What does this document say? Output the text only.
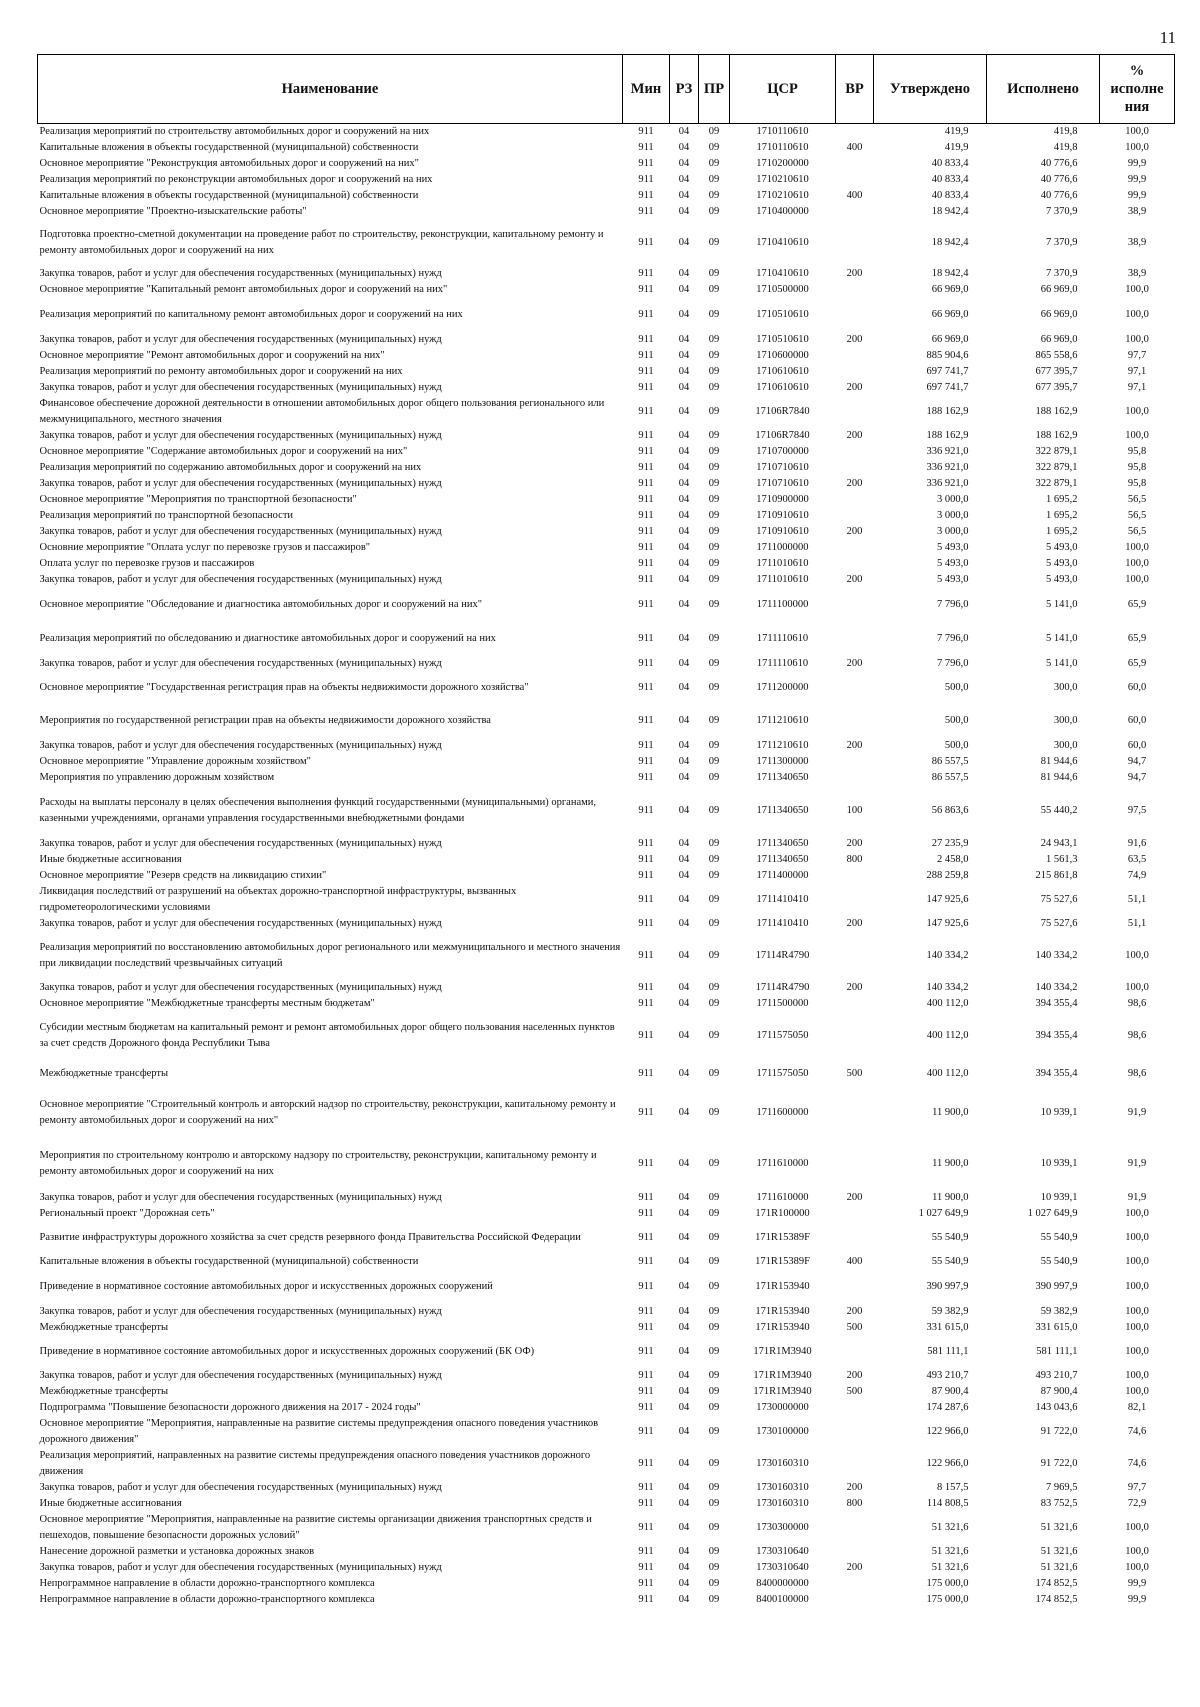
11
Наименование	Мин	РЗ	ПР	ЦСР	ВР	Утверждено	Исполнено	% исполне ния
Реализация мероприятий по строительству автомобильных дорог и сооружений на них	911	04	09	1710110610		419,9	419,8	100,0
Капитальные вложения в объекты государственной (муниципальной) собственности	911	04	09	1710110610	400	419,9	419,8	100,0
Основное мероприятие "Реконструкция автомобильных дорог и сооружений на них"	911	04	09	1710200000		40 833,4	40 776,6	99,9
Реализация мероприятий по реконструкции автомобильных дорог и сооружений на них	911	04	09	1710210610		40 833,4	40 776,6	99,9
Капитальные вложения в объекты государственной (муниципальной) собственности	911	04	09	1710210610	400	40 833,4	40 776,6	99,9
Основное мероприятие "Проектно-изыскательские работы"	911	04	09	1710400000		18 942,4	7 370,9	38,9
Подготовка проектно-сметной документации на проведение работ по строительству, реконструкции, капитальному ремонту и ремонту автомобильных дорог и сооружений на них	911	04	09	1710410610		18 942,4	7 370,9	38,9
Закупка товаров, работ и услуг для обеспечения государственных (муниципальных) нужд	911	04	09	1710410610	200	18 942,4	7 370,9	38,9
Основное мероприятие "Капитальный ремонт автомобильных дорог и сооружений на них"	911	04	09	1710500000		66 969,0	66 969,0	100,0
Реализация мероприятий по капитальному ремонт автомобильных дорог и сооружений на них	911	04	09	1710510610		66 969,0	66 969,0	100,0
Закупка товаров, работ и услуг для обеспечения государственных (муниципальных) нужд	911	04	09	1710510610	200	66 969,0	66 969,0	100,0
Основное мероприятие "Ремонт автомобильных дорог и сооружений на них"	911	04	09	1710600000		885 904,6	865 558,6	97,7
Реализация мероприятий по ремонту автомобильных дорог и сооружений на них	911	04	09	1710610610		697 741,7	677 395,7	97,1
Закупка товаров, работ и услуг для обеспечения государственных (муниципальных) нужд	911	04	09	1710610610	200	697 741,7	677 395,7	97,1
Финансовое обеспечение дорожной деятельности в отношении автомобильных дорог общего пользования регионального или межмуниципального, местного значения	911	04	09	17106R7840		188 162,9	188 162,9	100,0
Закупка товаров, работ и услуг для обеспечения государственных (муниципальных) нужд	911	04	09	17106R7840	200	188 162,9	188 162,9	100,0
Основное мероприятие "Содержание автомобильных дорог и сооружений на них"	911	04	09	1710700000		336 921,0	322 879,1	95,8
Реализация мероприятий по содержанию автомобильных дорог и сооружений на них	911	04	09	1710710610		336 921,0	322 879,1	95,8
Закупка товаров, работ и услуг для обеспечения государственных (муниципальных) нужд	911	04	09	1710710610	200	336 921,0	322 879,1	95,8
Основное мероприятие "Мероприятия по транспортной безопасности"	911	04	09	1710900000		3 000,0	1 695,2	56,5
Реализация мероприятий по транспортной безопасности	911	04	09	1710910610		3 000,0	1 695,2	56,5
Закупка товаров, работ и услуг для обеспечения государственных (муниципальных) нужд	911	04	09	1710910610	200	3 000,0	1 695,2	56,5
Основние мероприятие "Оплата услуг по перевозке грузов и пассажиров"	911	04	09	1711000000		5 493,0	5 493,0	100,0
Оплата услуг по перевозке грузов и пассажиров	911	04	09	1711010610		5 493,0	5 493,0	100,0
Закупка товаров, работ и услуг для обеспечения государственных (муниципальных) нужд	911	04	09	1711010610	200	5 493,0	5 493,0	100,0
Основное мероприятие "Обследование и диагностика автомобильных дорог и сооружений на них"	911	04	09	1711100000		7 796,0	5 141,0	65,9
Реализация мероприятий по обследованию и диагностике автомобильных дорог и сооружений на них	911	04	09	1711110610		7 796,0	5 141,0	65,9
Закупка товаров, работ и услуг для обеспечения государственных (муниципальных) нужд	911	04	09	1711110610	200	7 796,0	5 141,0	65,9
Основное мероприятие "Государственная регистрация прав на объекты недвижимости дорожного хозяйства"	911	04	09	1711200000		500,0	300,0	60,0
Мероприятия по государственной регистрации прав на объекты недвижимости дорожного хозяйства	911	04	09	1711210610		500,0	300,0	60,0
Закупка товаров, работ и услуг для обеспечения государственных (муниципальных) нужд	911	04	09	1711210610	200	500,0	300,0	60,0
Основное мероприятие "Управление дорожным хозяйством"	911	04	09	1711300000		86 557,5	81 944,6	94,7
Мероприятия по управлению дорожным хозяйством	911	04	09	1711340650		86 557,5	81 944,6	94,7
Расходы на выплаты персоналу в целях обеспечения выполнения функций государственными (муниципальными) органами, казенными учреждениями, органами управления государственными внебюджетными фондами	911	04	09	1711340650	100	56 863,6	55 440,2	97,5
Закупка товаров, работ и услуг для обеспечения государственных (муниципальных) нужд	911	04	09	1711340650	200	27 235,9	24 943,1	91,6
Иные бюджетные ассигнования	911	04	09	1711340650	800	2 458,0	1 561,3	63,5
Основное мероприятие "Резерв средств на ликвидацию стихии"	911	04	09	1711400000		288 259,8	215 861,8	74,9
Ликвидация последствий от разрушений на объектах дорожно-транспортной инфраструктуры, вызванных гидрометеорологическими условиями	911	04	09	1711410410		147 925,6	75 527,6	51,1
Закупка товаров, работ и услуг для обеспечения государственных (муниципальных) нужд	911	04	09	1711410410	200	147 925,6	75 527,6	51,1
Реализация мероприятий по восстановлению автомобильных дорог регионального или межмуниципального и местного значения при ликвидации последствий чрезвычайных ситуаций	911	04	09	17114R4790		140 334,2	140 334,2	100,0
Закупка товаров, работ и услуг для обеспечения государственных (муниципальных) нужд	911	04	09	17114R4790	200	140 334,2	140 334,2	100,0
Основное мероприятие "Межбюджетные трансферты местным бюджетам"	911	04	09	1711500000		400 112,0	394 355,4	98,6
Субсидии местным бюджетам на капитальный ремонт и ремонт автомобильных дорог общего пользования населенных пунктов за счет средств Дорожного фонда Республики Тыва	911	04	09	1711575050		400 112,0	394 355,4	98,6
Межбюджетные трансферты	911	04	09	1711575050	500	400 112,0	394 355,4	98,6
Основное мероприятие "Строительный контроль и авторский надзор по строительству, реконструкции, капитальному ремонту и ремонту автомобильных дорог и сооружений на них"	911	04	09	1711600000		11 900,0	10 939,1	91,9
Мероприятия по строительному контролю и авторскому надзору по строительству, реконструкции, капитальному ремонту и ремонту автомобильных дорог и сооружений на них	911	04	09	1711610000		11 900,0	10 939,1	91,9
Закупка товаров, работ и услуг для обеспечения государственных (муниципальных) нужд	911	04	09	1711610000	200	11 900,0	10 939,1	91,9
Региональный проект "Дорожная сеть"	911	04	09	171R100000		1 027 649,9	1 027 649,9	100,0
Развитие инфраструктуры дорожного хозяйства за счет средств резервного фонда Правительства Российской Федерации	911	04	09	171R15389F		55 540,9	55 540,9	100,0
Капитальные вложения в объекты государственной (муниципальной) собственности	911	04	09	171R15389F	400	55 540,9	55 540,9	100,0
Приведение в нормативное состояние автомобильных дорог и искусственных дорожных сооружений	911	04	09	171R153940		390 997,9	390 997,9	100,0
Закупка товаров, работ и услуг для обеспечения государственных (муниципальных) нужд	911	04	09	171R153940	200	59 382,9	59 382,9	100,0
Межбюджетные трансферты	911	04	09	171R153940	500	331 615,0	331 615,0	100,0
Приведение в нормативное состояние автомобильных дорог и искусственных дорожных сооружений (БК ОФ)	911	04	09	171R1M3940		581 111,1	581 111,1	100,0
Закупка товаров, работ и услуг для обеспечения государственных (муниципальных) нужд	911	04	09	171R1M3940	200	493 210,7	493 210,7	100,0
Межбюджетные трансферты	911	04	09	171R1M3940	500	87 900,4	87 900,4	100,0
Подпрограмма "Повышение безопасности дорожного движения на 2017 - 2024 годы"	911	04	09	1730000000		174 287,6	143 043,6	82,1
Основное мероприятие "Мероприятия, направленные на развитие системы предупреждения опасного поведения участников дорожного движения"	911	04	09	1730100000		122 966,0	91 722,0	74,6
Реализация мероприятий, направленных на развитие системы предупреждения опасного поведения участников дорожного движения	911	04	09	1730160310		122 966,0	91 722,0	74,6
Закупка товаров, работ и услуг для обеспечения государственных (муниципальных) нужд	911	04	09	1730160310	200	8 157,5	7 969,5	97,7
Иные бюджетные ассигнования	911	04	09	1730160310	800	114 808,5	83 752,5	72,9
Основное мероприятие "Мероприятия, направленные на развитие системы организации движения транспортных средств и пешеходов, повышение безопасности дорожных условий"	911	04	09	1730300000		51 321,6	51 321,6	100,0
Нанесение дорожной разметки и установка дорожных знаков	911	04	09	1730310640		51 321,6	51 321,6	100,0
Закупка товаров, работ и услуг для обеспечения государственных (муниципальных) нужд	911	04	09	1730310640	200	51 321,6	51 321,6	100,0
Непрограммное направление в области дорожно-транспортного комплекса	911	04	09	8400000000		175 000,0	174 852,5	99,9
Непрограммное направление в области дорожно-транспортного комплекса	911	04	09	8400100000		175 000,0	174 852,5	99,9
